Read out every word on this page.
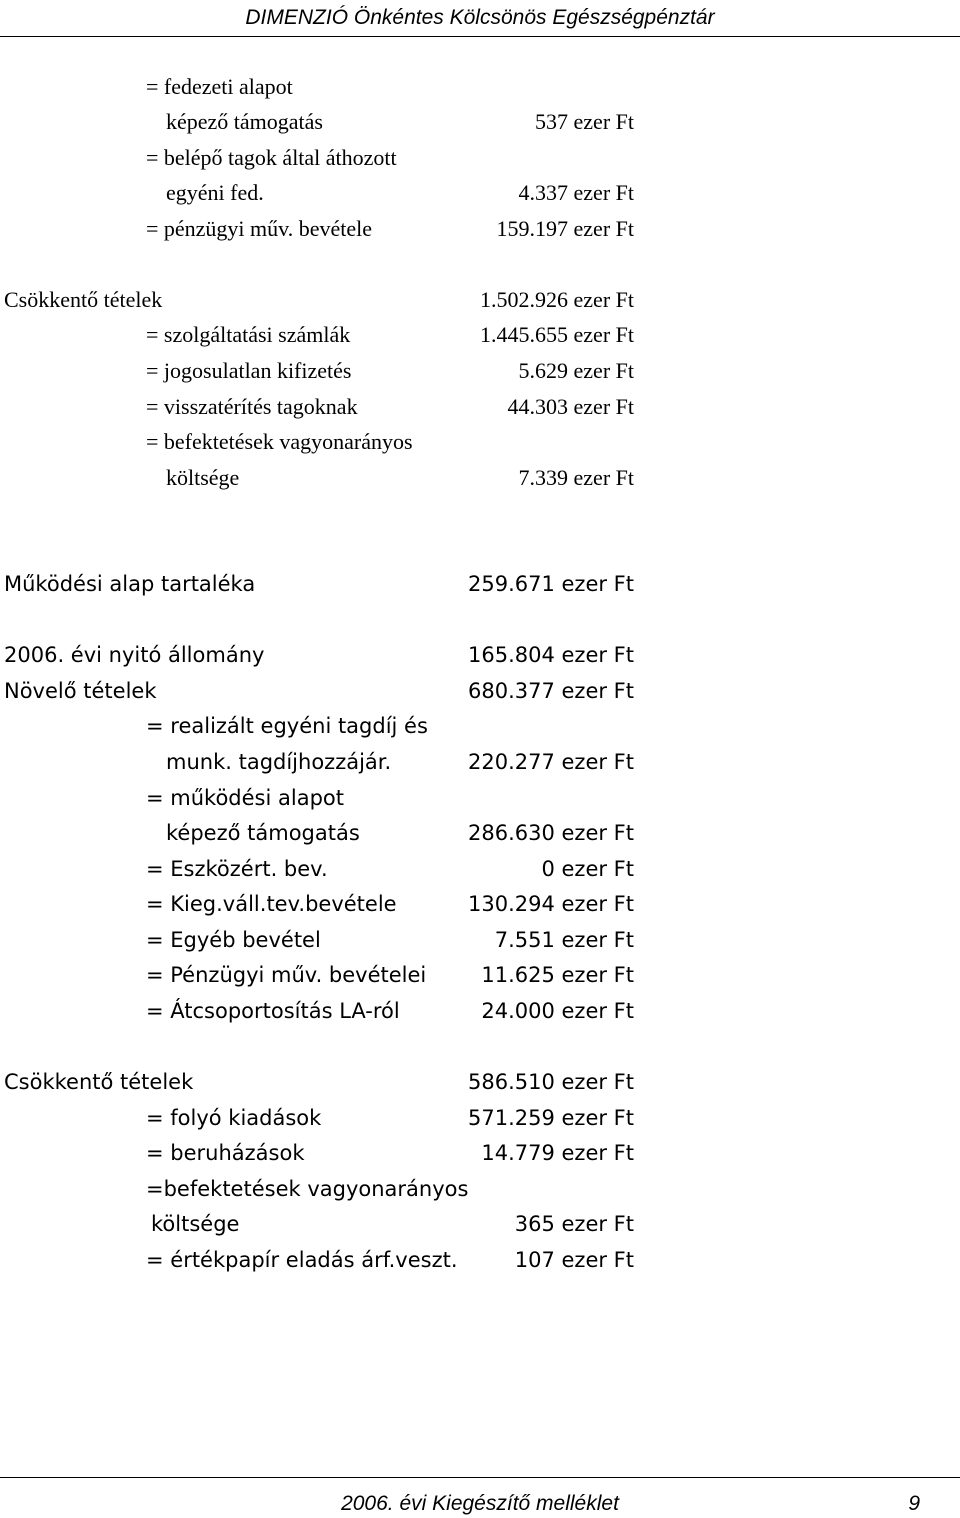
DIMENZIÓ Önkéntes Kölcsönös Egészségpénztár
= fedezeti alapot
képező támogatás	537 ezer Ft
= belépő tagok által áthozott
egyéni fed.	4.337 ezer Ft
= pénzügyi műv. bevétele	159.197 ezer Ft
Csökkentő tételek	1.502.926 ezer Ft
= szolgáltatási számlák	1.445.655 ezer Ft
= jogosulatlan kifizetés	5.629 ezer Ft
= visszatérítés tagoknak	44.303 ezer Ft
= befektetések vagyonarányos
költsége	7.339 ezer Ft
Működési alap tartaléka	259.671 ezer Ft
2006. évi nyitó állomány	165.804 ezer Ft
Növelő tételek	680.377 ezer Ft
= realizált egyéni tagdíj és
munk. tagdíjhozzájár.	220.277 ezer Ft
= működési alapot
képező támogatás	286.630 ezer Ft
= Eszközért. bev.	0 ezer Ft
= Kieg.váll.tev.bevétele	130.294 ezer Ft
= Egyéb bevétel	7.551 ezer Ft
= Pénzügyi műv. bevételei	11.625 ezer Ft
= Átcsoportosítás LA-ról	24.000 ezer Ft
Csökkentő tételek	586.510 ezer Ft
= folyó kiadások	571.259 ezer Ft
= beruházások	14.779 ezer Ft
=befektetések vagyonarányos
költsége	365 ezer Ft
= értékpapír eladás árf.veszt.	107 ezer Ft
2006. évi Kiegészítő melléklet	9
